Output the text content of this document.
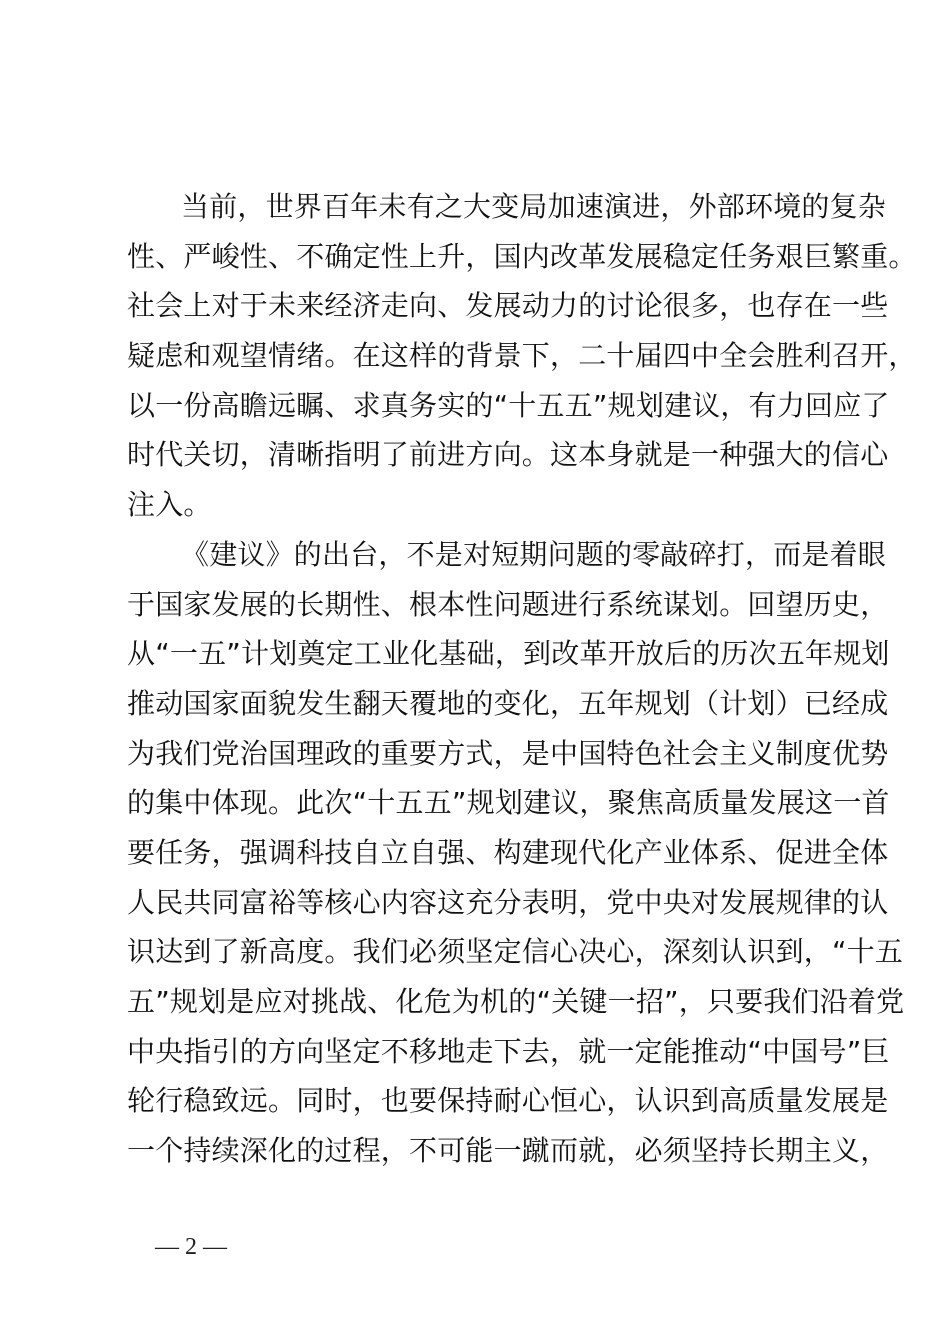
当前，世界百年未有之大变局加速演进，外部环境的复杂
性、严峻性、不确定性上升，国内改革发展稳定任务艰巨繁重。
社会上对于未来经济走向、发展动力的讨论很多，也存在一些
疑虑和观望情绪。在这样的背景下，二十届四中全会胜利召开，
以一份高瞻远瞩、求真务实的“十五五”规划建议，有力回应了
时代关切，清晰指明了前进方向。这本身就是一种强大的信心
注入。
《建议》的出台，不是对短期问题的零敲碎打，而是着眼
于国家发展的长期性、根本性问题进行系统谋划。回望历史，
从“一五”计划奠定工业化基础，到改革开放后的历次五年规划
推动国家面貌发生翻天覆地的变化，五年规划（计划）已经成
为我们党治国理政的重要方式，是中国特色社会主义制度优势
的集中体现。此次“十五五”规划建议，聚焦高质量发展这一首
要任务，强调科技自立自强、构建现代化产业体系、促进全体
人民共同富裕等核心内容这充分表明，党中央对发展规律的认
识达到了新高度。我们必须坚定信心决心，深刻认识到，“十五
五”规划是应对挑战、化危为机的“关键一招”，只要我们沿着党
中央指引的方向坚定不移地走下去，就一定能推动“中国号”巨
轮行稳致远。同时，也要保持耐心恒心，认识到高质量发展是
一个持续深化的过程，不可能一蹴而就，必须坚持长期主义，
— 2 —
